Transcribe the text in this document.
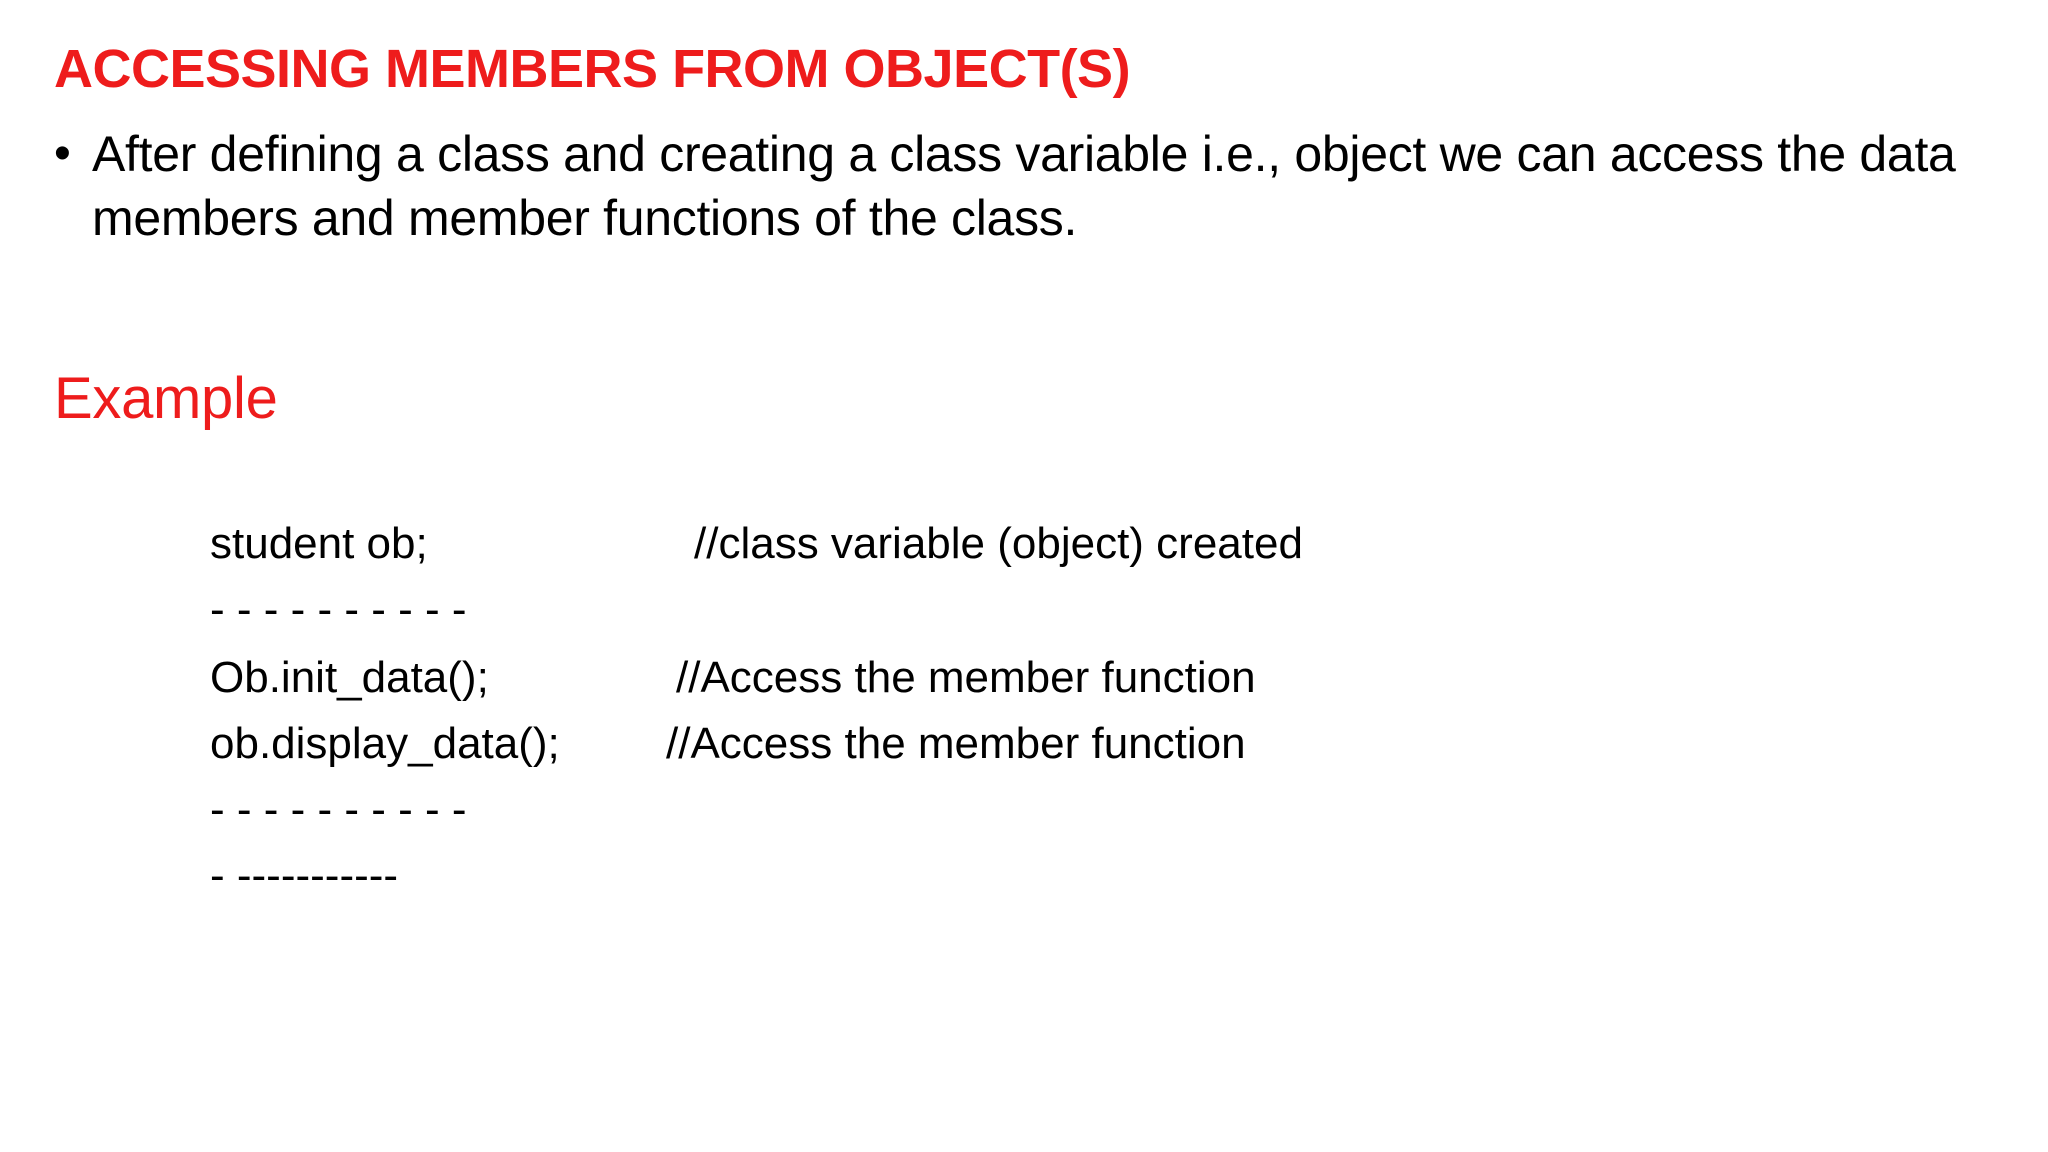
ACCESSING MEMBERS FROM OBJECT(S)
• After defining a class and creating a class variable i.e., object we can access the data members and member functions of the class.

Example
student ob;	//class variable (object) created
- - - - - - - - - -
Ob.init_data();	//Access the member function
ob.display_data(); //Access the member function
- - - - - - - - - -
- -----------
